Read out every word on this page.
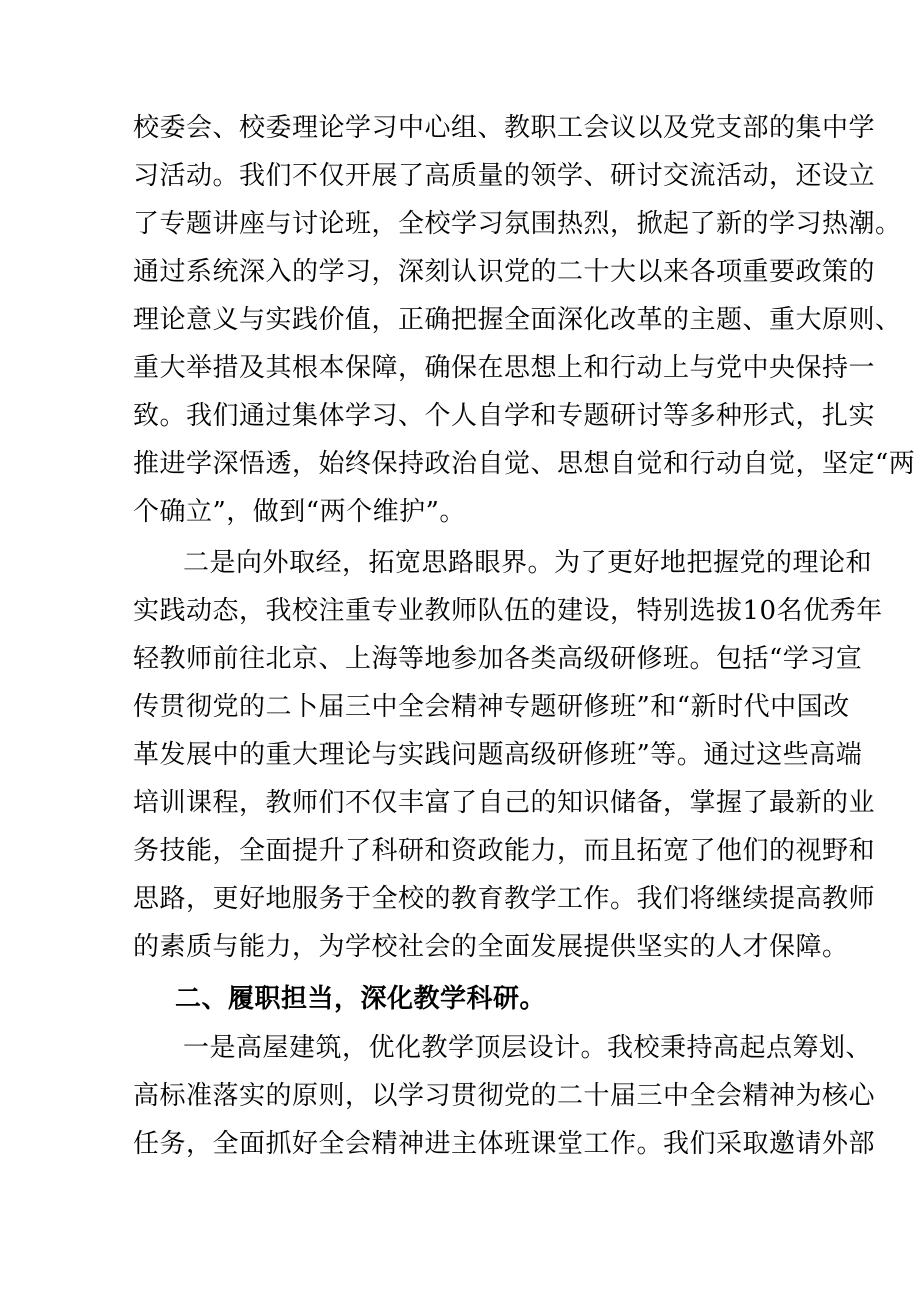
校委会、校委理论学习中心组、教职工会议以及党支部的集中学
习活动。我们不仅开展了高质量的领学、研讨交流活动，还设立
了专题讲座与讨论班，全校学习氛围热烈，掀起了新的学习热潮。
通过系统深入的学习，深刻认识党的二十大以来各项重要政策的
理论意义与实践价值，正确把握全面深化改革的主题、重大原则、
重大举措及其根本保障，确保在思想上和行动上与党中央保持一
致。我们通过集体学习、个人自学和专题研讨等多种形式，扎实
推进学深悟透，始终保持政治自觉、思想自觉和行动自觉，坚定“两
个确立”，做到“两个维护”。
二是向外取经，拓宽思路眼界。为了更好地把握党的理论和
实践动态，我校注重专业教师队伍的建设，特别选拔10名优秀年
轻教师前往北京、上海等地参加各类高级研修班。包括“学习宣
传贯彻党的二卜届三中全会精神专题研修班”和“新时代中国改
革发展中的重大理论与实践问题高级研修班”等。通过这些高端
培训课程，教师们不仅丰富了自己的知识储备，掌握了最新的业
务技能，全面提升了科研和资政能力，而且拓宽了他们的视野和
思路，更好地服务于全校的教育教学工作。我们将继续提高教师
的素质与能力，为学校社会的全面发展提供坚实的人才保障。
二、履职担当，深化教学科研。
一是高屋建筑，优化教学顶层设计。我校秉持高起点筹划、
高标准落实的原则，以学习贯彻党的二十届三中全会精神为核心
任务，全面抓好全会精神进主体班课堂工作。我们采取邀请外部
